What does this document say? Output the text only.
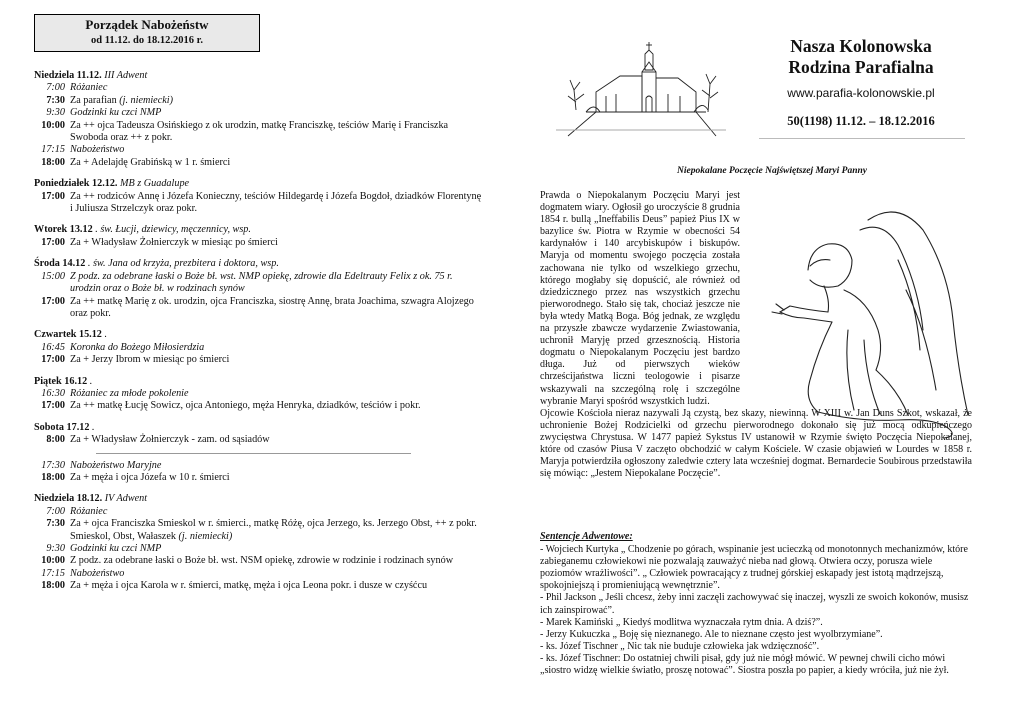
Porządek Nabożeństw
od 11.12. do 18.12.2016 r.
Niedziela 11.12. III Adwent
7:00 Różaniec
7:30 Za parafian (j. niemiecki)
9:30 Godzinki ku czci NMP
10:00 Za ++ ojca Tadeusza Osińskiego z ok urodzin, matkę Franciszkę, teściów Marię i Franciszka Swoboda oraz ++ z pokr.
17:15 Nabożeństwo
18:00 Za + Adelajdę Grabińską w 1 r. śmierci
Poniedziałek 12.12. MB z Guadalupe
17:00 Za ++ rodziców Annę i Józefa Konieczny, teściów Hildegardę i Józefa Bogdoł, dziadków Florentynę i Juliusza Strzelczyk oraz pokr.
Wtorek 13.12 . św. Łucji, dziewicy, męczennicy, wsp.
17:00 Za + Władysław Żołnierczyk w miesiąc po śmierci
Środa 14.12 . św. Jana od krzyża, prezbitera i doktora, wsp.
15:00 Z podz. za odebrane łaski o Boże bł. wst. NMP opiekę, zdrowie dla Edeltrauty Felix z ok. 75 r. urodzin oraz o Boże bł. w rodzinach synów
17:00 Za ++ matkę Marię z ok. urodzin, ojca Franciszka, siostrę Annę, brata Joachima, szwagra Alojzego oraz pokr.
Czwartek 15.12 .
16:45 Koronka do Bożego Miłosierdzia
17:00 Za + Jerzy Ibrom w miesiąc po śmierci
Piątek 16.12 .
16:30 Różaniec za młode pokolenie
17:00 Za ++ matkę Łucję Sowicz, ojca Antoniego, męża Henryka, dziadków, teściów i pokr.
Sobota 17.12 .
8:00 Za + Władysław Żołnierczyk - zam. od sąsiadów
17:30 Nabożeństwo Maryjne
18:00 Za + męża i ojca Józefa w 10 r. śmierci
Niedziela 18.12. IV Adwent
7:00 Różaniec
7:30 Za + ojca Franciszka Smieskol w r. śmierci., matkę Różę, ojca Jerzego, ks. Jerzego Obst, ++ z pokr. Smieskol, Obst, Wałaszek (j. niemiecki)
9:30 Godzinki ku czci NMP
10:00 Z podz. za odebrane łaski o Boże bł. wst. NSM opiekę, zdrowie w rodzinie i rodzinach synów
17:15 Nabożeństwo
18:00 Za + męża i ojca Karola w r. śmierci, matkę, męża i ojca Leona pokr. i dusze w czyśćcu
Nasza Kolonowska
Rodzina Parafialna
www.parafia-kolonowskie.pl
50(1198) 11.12. – 18.12.2016
Niepokalane Poczęcie Najświętszej Maryi Panny
Prawda o Niepokalanym Poczęciu Maryi jest dogmatem wiary. Ogłosił go uroczyście 8 grudnia 1854 r. bullą „Ineffabilis Deus” papież Pius IX w bazylice św. Piotra w Rzymie w obecności 54 kardynałów i 140 arcybiskupów i biskupów. Maryja od momentu swojego poczęcia została zachowana nie tylko od wszelkiego grzechu, którego mogłaby się dopuścić, ale również od dziedzicznego przez nas wszystkich grzechu pierworodnego. Stało się tak, chociaż jeszcze nie była wtedy Matką Boga. Bóg jednak, ze względu na przyszłe zbawcze wydarzenie Zwiastowania, uchronił Maryję przed grzesznością. Historia dogmatu o Niepokalanym Poczęciu jest bardzo długa. Już od pierwszych wieków chrześcijaństwa liczni teologowie i pisarze wskazywali na szczególną rolę i szczególne wybranie Maryi spośród wszystkich ludzi.
Ojcowie Kościoła nieraz nazywali Ją czystą, bez skazy, niewinną. W XIII w. Jan Duns Szkot, wskazał, że uchronienie Bożej Rodzicielki od grzechu pierworodnego dokonało się już mocą odkupieńczego zwycięstwa Chrystusa. W 1477 papież Sykstus IV ustanowił w Rzymie święto Poczęcia Niepokalanej, które od czasów Piusa V zaczęto obchodzić w całym Kościele. W czasie objawień w Lourdes w 1858 r. Maryja potwierdziła ogłoszony zaledwie cztery lata wcześniej dogmat. Bernardecie Soubirous przedstawiła się mówiąc: „Jestem Niepokalane Poczęcie”.
Sentencje Adwentowe:
- Wojciech Kurtyka „ Chodzenie po górach, wspinanie jest ucieczką od monotonnych mechanizmów, które zabieganemu człowiekowi nie pozwalają zauważyć nieba nad głową. Otwiera oczy, porusza wiele poziomów wrażliwości”. „ Człowiek powracający z trudnej górskiej eskapady jest istotą mądrzejszą, spokojniejszą i promieniującą wewnętrznie”.
- Phil Jackson „ Jeśli chcesz, żeby inni zaczęli zachowywać się inaczej, wyszli ze swoich kokonów, musisz ich zainspirować”.
- Marek Kamiński „ Kiedyś modlitwa wyznaczała rytm dnia. A dziś?”.
- Jerzy Kukuczka „ Boję się nieznanego. Ale to nieznane często jest wyolbrzymiane”.
- ks. Józef Tischner „ Nic tak nie buduje człowieka jak wdzięczność”.
- ks. Józef Tischner: Do ostatniej chwili pisał, gdy już nie mógł mówić. W pewnej chwili cicho mówi „siostro widzę wielkie światło, proszę notować”. Siostra poszła po papier, a kiedy wróciła, już nie żył.
